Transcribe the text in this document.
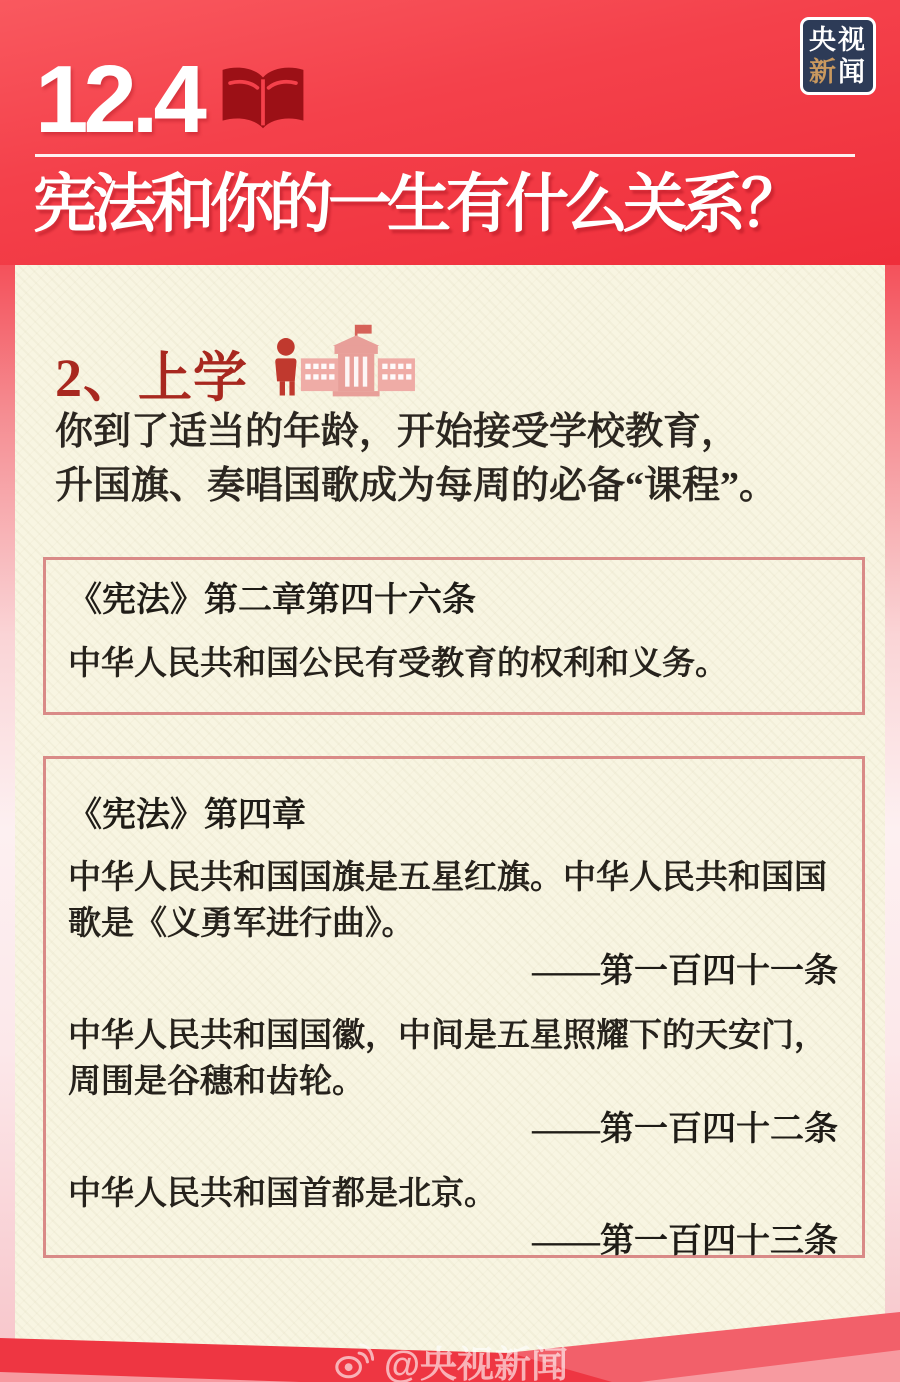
12.4
宪法和你的一生有什么关系？
央视
新闻
2、上学
你到了适当的年龄，开始接受学校教育，
升国旗、奏唱国歌成为每周的必备“课程”。
《宪法》第二章第四十六条
中华人民共和国公民有受教育的权利和义务。
《宪法》第四章
中华人民共和国国旗是五星红旗。中华人民共和国国歌是《义勇军进行曲》。
——第一百四十一条
中华人民共和国国徽，中间是五星照耀下的天安门，周围是谷穗和齿轮。
——第一百四十二条
中华人民共和国首都是北京。
——第一百四十三条
@央视新闻
